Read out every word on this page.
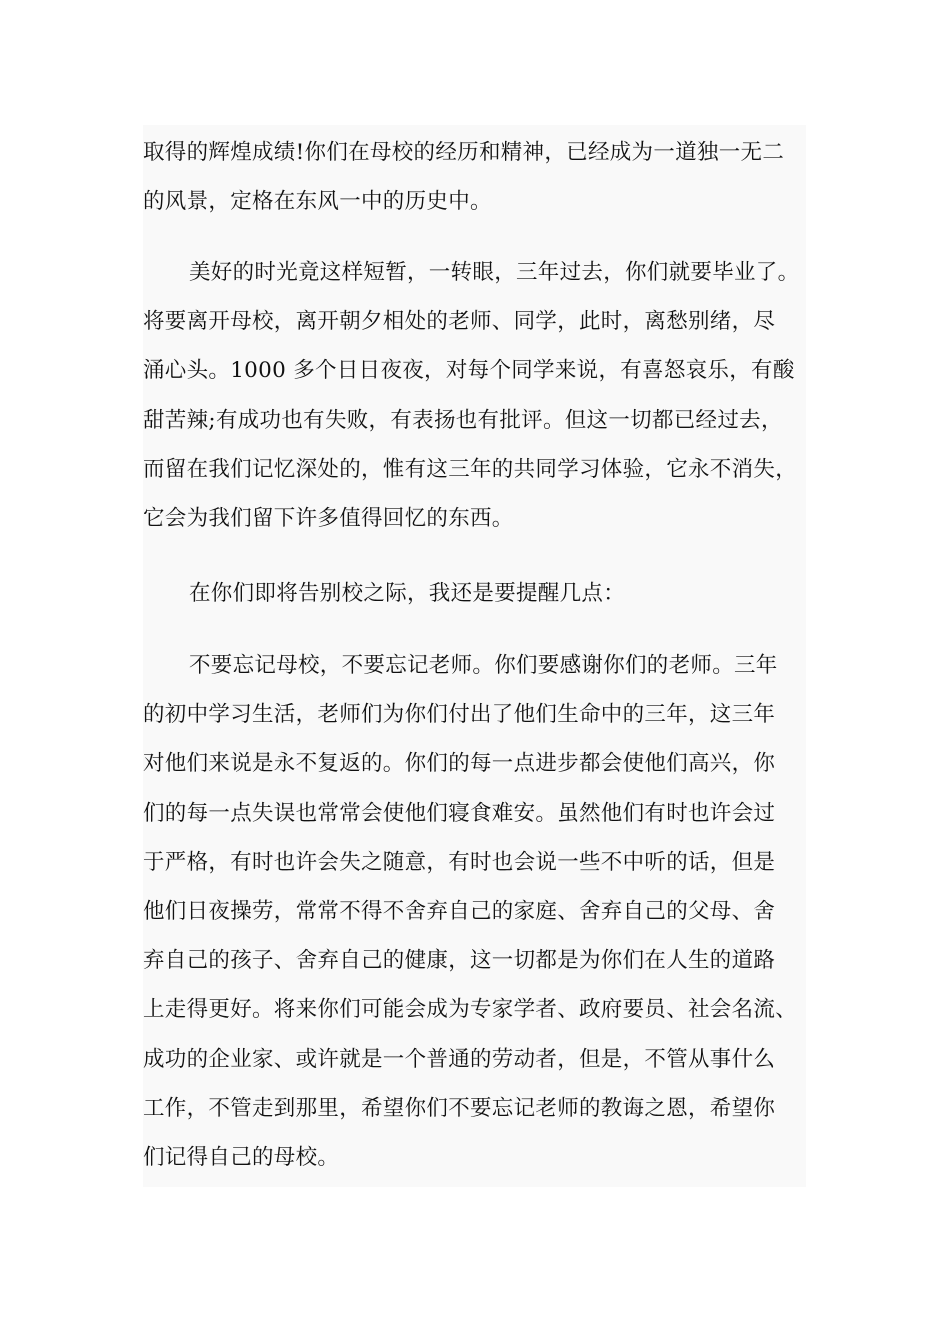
取得的辉煌成绩!你们在母校的经历和精神，已经成为一道独一无二
的风景，定格在东风一中的历史中。
美好的时光竟这样短暂，一转眼，三年过去，你们就要毕业了。
将要离开母校，离开朝夕相处的老师、同学，此时，离愁别绪，尽
涌心头。1000 多个日日夜夜，对每个同学来说，有喜怒哀乐，有酸
甜苦辣;有成功也有失败，有表扬也有批评。但这一切都已经过去，
而留在我们记忆深处的，惟有这三年的共同学习体验，它永不消失，
它会为我们留下许多值得回忆的东西。
在你们即将告别校之际，我还是要提醒几点：
不要忘记母校，不要忘记老师。你们要感谢你们的老师。三年
的初中学习生活，老师们为你们付出了他们生命中的三年，这三年
对他们来说是永不复返的。你们的每一点进步都会使他们高兴，你
们的每一点失误也常常会使他们寝食难安。虽然他们有时也许会过
于严格，有时也许会失之随意，有时也会说一些不中听的话，但是
他们日夜操劳，常常不得不舍弃自己的家庭、舍弃自己的父母、舍
弃自己的孩子、舍弃自己的健康，这一切都是为你们在人生的道路
上走得更好。将来你们可能会成为专家学者、政府要员、社会名流、
成功的企业家、或许就是一个普通的劳动者，但是，不管从事什么
工作，不管走到那里，希望你们不要忘记老师的教诲之恩，希望你
们记得自己的母校。
